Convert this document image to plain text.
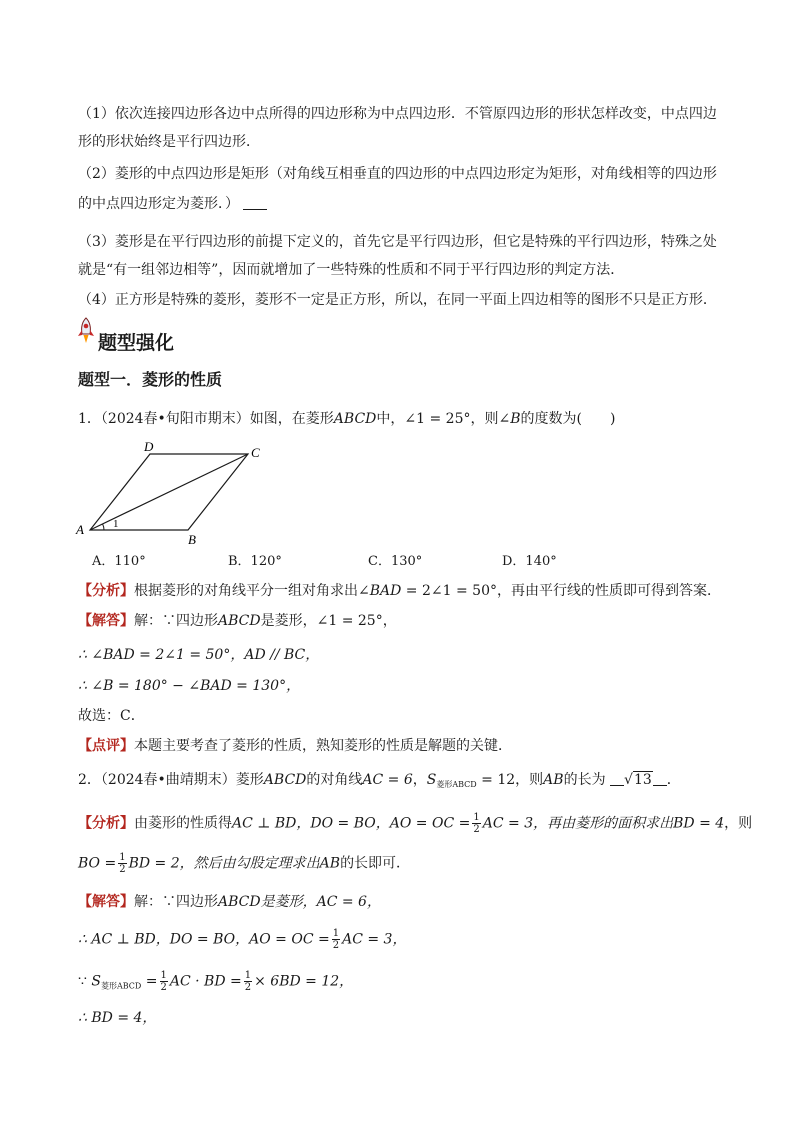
（1）依次连接四边形各边中点所得的四边形称为中点四边形．不管原四边形的形状怎样改变，中点四边
形的形状始终是平行四边形．
（2）菱形的中点四边形是矩形（对角线互相垂直的四边形的中点四边形定为矩形，对角线相等的四边形
的中点四边形定为菱形．）
（3）菱形是在平行四边形的前提下定义的，首先它是平行四边形，但它是特殊的平行四边形，特殊之处
就是“有一组邻边相等”，因而就增加了一些特殊的性质和不同于平行四边形的判定方法．
（4）正方形是特殊的菱形，菱形不一定是正方形，所以，在同一平面上四边相等的图形不只是正方形．
题型强化
题型一．菱形的性质
1．（2024春•旬阳市期末）如图，在菱形ABCD中，∠1 = 25°，则∠B的度数为(　　)
A
B
C
D
1
A．110°	B．120°	C．130°	D．140°
【分析】根据菱形的对角线平分一组对角求出∠BAD = 2∠1 = 50°，再由平行线的性质即可得到答案．
【解答】解：∵四边形ABCD是菱形，∠1 = 25°，
∴ ∠BAD = 2∠1 = 50°，AD // BC，
∴ ∠B = 180° − ∠BAD = 130°，
故选：C．
【点评】本题主要考查了菱形的性质，熟知菱形的性质是解题的关键．
2．（2024春•曲靖期末）菱形ABCD的对角线AC = 6，$S_{菱形ABCD} = 12$，则AB的长为 √13 ．
【分析】由菱形的性质得AC ⊥ BD，DO = BO，AO = OC = $\frac{1}{2}$ AC = 3，再由菱形的面积求出BD = 4，则
BO = $\frac{1}{2}$ BD = 2，然后由勾股定理求出AB的长即可．
【解答】解：∵四边形ABCD是菱形，AC = 6，
∴ AC ⊥ BD，DO = BO，AO = OC = $\frac{1}{2}$ AC = 3，
∵ $S_{菱形ABCD} = \frac{1}{2}$ AC · BD = $\frac{1}{2} \times 6BD = 12$，
∴ BD = 4，
